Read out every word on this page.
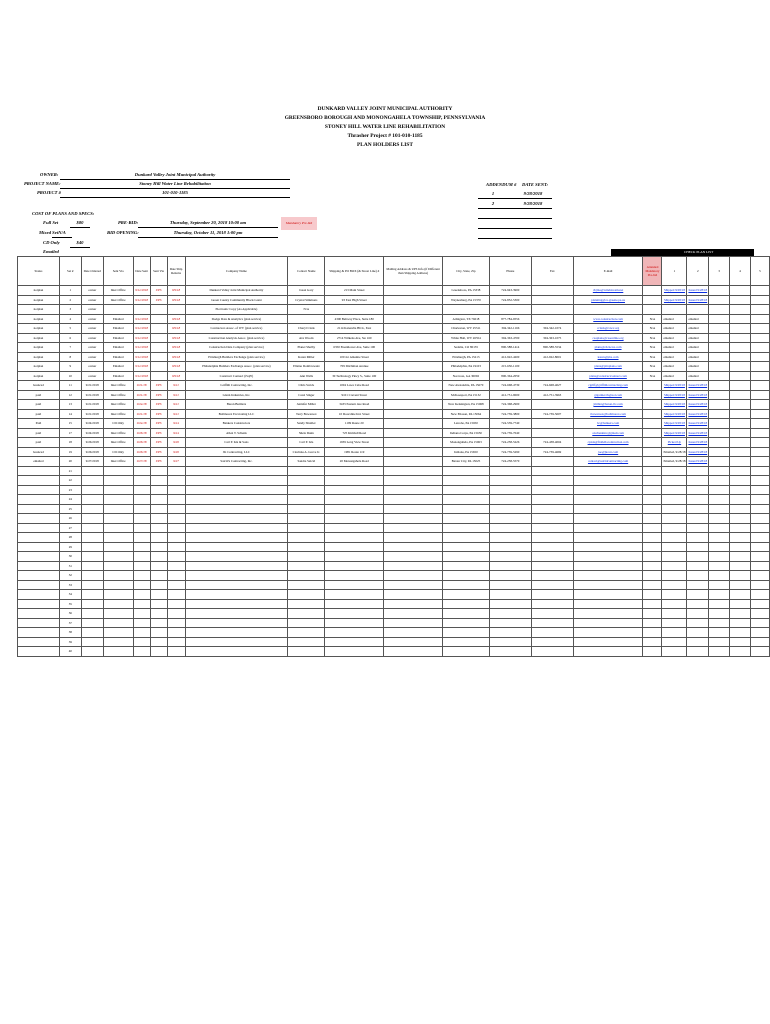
DUNKARD VALLEY JOINT MUNICIPAL AUTHORITY
GREENSBORO BOROUGH AND MONONGAHELA TOWNSHIP, PENNSYLVANIA
STONEY HILL WATER LINE REHABILITATION
Thrasher Project # 101-010-1185
PLAN HOLDERS LIST
OWNER:	Dunkard Valley Joint Municipal Authority
PROJECT NAME:	Stoney Hill Water Line Rehabilitation
PROJECT #	101-010-1185
COST OF PLANS AND SPECS:
Full Set	$80
Mixed Set N/A
CD Only	$40
Emailed
PRE-BID:	Thursday, September 20, 2018 10:00 am
BID OPENING:	Thursday, October 11, 2018 1:00 pm
Mandatory Pre-bid
ADDENDUM # DATE SENT:
1	9/28/2018
2	9/28/2018
CHECK PLAN LIST
Status	Set #	Date Ordered	Sent Via	Date Sent	Sent Via	Date Ship Returns	Company Name	Contact Name	Shipping & PO BOX (& Street Line) #	Mailing Address & UPS Info (if Different than Shipping Address)	City, State, Zip	Phone	Fax	E-mail	Attended Mandatory Pre-bid	1	2	3	4	5
notplan	1	owner	Inter Office	9/11/2018	UPS	9/9/18	Dunkard Valley Joint Municipal Authority	Jason Gary	213 Main Street		Greensboro, PA 15338	724-943-3900		dvjma@windstream.net		Shipped 9/28/18	Issued 9/28/18			
notplan	2	owner	Inter Office	9/11/2018	UPS	9/9/18	Green County Community Block Grant	Crystal Simmons	93 East High Street		Waynesburg, PA 15370	724-852-5300		planning@co.greene.pa.us		Shipped 9/28/18	Issued 9/28/18			
notplan	3	owner					Electronic Copy (As Applicable)	N/A												
notplan	4	owner	Emailed	9/11/2018		9/9/18	Dodge Data & Analytics (plan service)		4300 Beltway Place, Suite 180		Arlington, TX 76018	877-784-9556		www.construction.com	N/A	emailed	emailed			
notplan	5	owner	Emailed	9/11/2018		9/9/18	Contractors Assoc. of WV (plan service)	Cheryl Clark	2114 Kanawha Blvd., East		Charleston, WV 25311	304-342-1166	304-342-1074	cclark@cawv.org	N/A	emailed	emailed			
notplan	6	owner	Emailed	9/11/2018		9/9/18	Construction Analysis Assoc. (plan service)	Ava Woods	2714 Wilkens Ave, Ste 160		White Hall, WV 26554	304-363-4700	304-363-1075	caaplans@caaonline.org	N/A	emailed	emailed			
notplan	7	owner	Emailed	9/11/2018		9/9/18	Construction Data Company (plan service)	Planet Shelby	6350 Eisenhower Ave, Suite 100		Sedalia, CO 80135	800-588-1414	800-588-5534	plans@cdcnews.com	N/A	emailed	emailed			
notplan	8	owner	Emailed	9/11/2018		9/9/18	Pittsburgh Builders Exchange (plan service)	Karen Miller	100 Jot Amanite Street		Pittsburgh, PA 15213	412-922-4200	412-922-8001	karen@pbe.com	N/A	emailed	emailed			
notplan	9	owner	Emailed	9/11/2018		9/9/18	Philadelphia Builders Exchange Assoc. (plan service)	Ellaine Dombrowski	709 Ditchman Avenue		Philadelphia, PA 19103	215-630-1100		plans@pbxplans.com	N/A	emailed	emailed			
notplan	10	owner	Emailed	9/11/2018		9/9/18	Construct Connect (iSqFt)	Ann Walls	30 Technology Pkwy S., Suite 100		Norcross, GA 30092	800-364-2059		plans@constructconnect.com	N/A	emailed	emailed			
bounced	11	9/21/2018	Inter Office	9/21/18	UPS	9/21	Griffith Contracting, Inc.	Chris Swick	1004 Lowe Cabe Road		New Alexandria, PA 15670	724-668-4739	724-668-4027	cgriff@griffithcontracting.com		Shipped 9/28/18	Issued 9/28/18			
paid	12	9/21/2018	Inter Office	9/21/18	UPS	9/21	Glenn Industries, Inc.	Carol Singer	9101 Crevent Street		McKeesport, PA 15132	412-751-9000	412-751-3963	gigarmerch@aol.com		Shipped 9/28/18	Issued 9/28/18			
paid	13	9/21/2018	Inter Office	9/24/18	UPS	9/21	Baron Builders	Jennifer Miller	3433 Eastern Ave Road		New Kensington, PA 15068	724-368-2900		jmiller@baron-llc.com		Shipped 9/28/18	Issued 9/28/18			
paid	14	9/21/2018	Inter Office	9/21/18	UPS	9/21	Bollmorex Excavating LLC	Terry Bowersox	10 Doorsline Ind. Street		New Eliason, PA 15064	724-739-3800	724-739-5007	tbowersox@bollmorex.com		Shipped 9/28/18	Issued 9/28/18			
Paid	15	9/24/2018	CD Only	9/24/18	UPS	9/24	Bankers Constructors	Sandy Shuttler	1199 Route 20		Latrobe, PA 15650	724-539-7740		bc@bankers.com		Shipped 9/28/18	Issued 9/28/18			
paid	17	9/24/2018	Inter Office	9/26/18	UPS	9/24	Allen T. Schenk	Shela Dunn	725 Kimball Road		Indiana Corps, PA 15650	724-739-7040		atschenkinc@gmail.com		Shipped 9/28/18	Issued 9/28/18			
paid	18	9/26/2018	Inter Office	9/26/18	UPS	9/26	Carl P. Isla & Sons	Carl P. Isla	1939 Long View Street		Monongahela, PA 15063	724-258-5226	724-438-4004	cpisla@fiddellacontruction.com		Picked Up	Issued 9/28/18			
bounced	19	9/26/2018	CD Only	9/26/18	UPS	9/26	JK Contracting, LLC	Clorinna A. Grove Jr.	1981 Route 119		Indiana, PA 15650	724-739-5290	724-739-4669	joe@jkcon.com		Emailed, 9/28/18	Issued 9/28/18			
emailed	20	9/27/2018	Inter Office	9/27/18	UPS	9/27	Salcid's Contracting, Inc.	Sandra Salcid	20 Monongahela Road		Baxter City, PA 15025	724-258-5570		contact@salcidcontracting.com		Emailed, 9/28/18	Issued 9/28/18			
	21																			
	22																			
	23																			
	24																			
	25																			
	26																			
	27																			
	28																			
	29																			
	30																			
	31																			
	32																			
	33																			
	34																			
	35																			
	36																			
	37																			
	38																			
	39																			
	40																			
